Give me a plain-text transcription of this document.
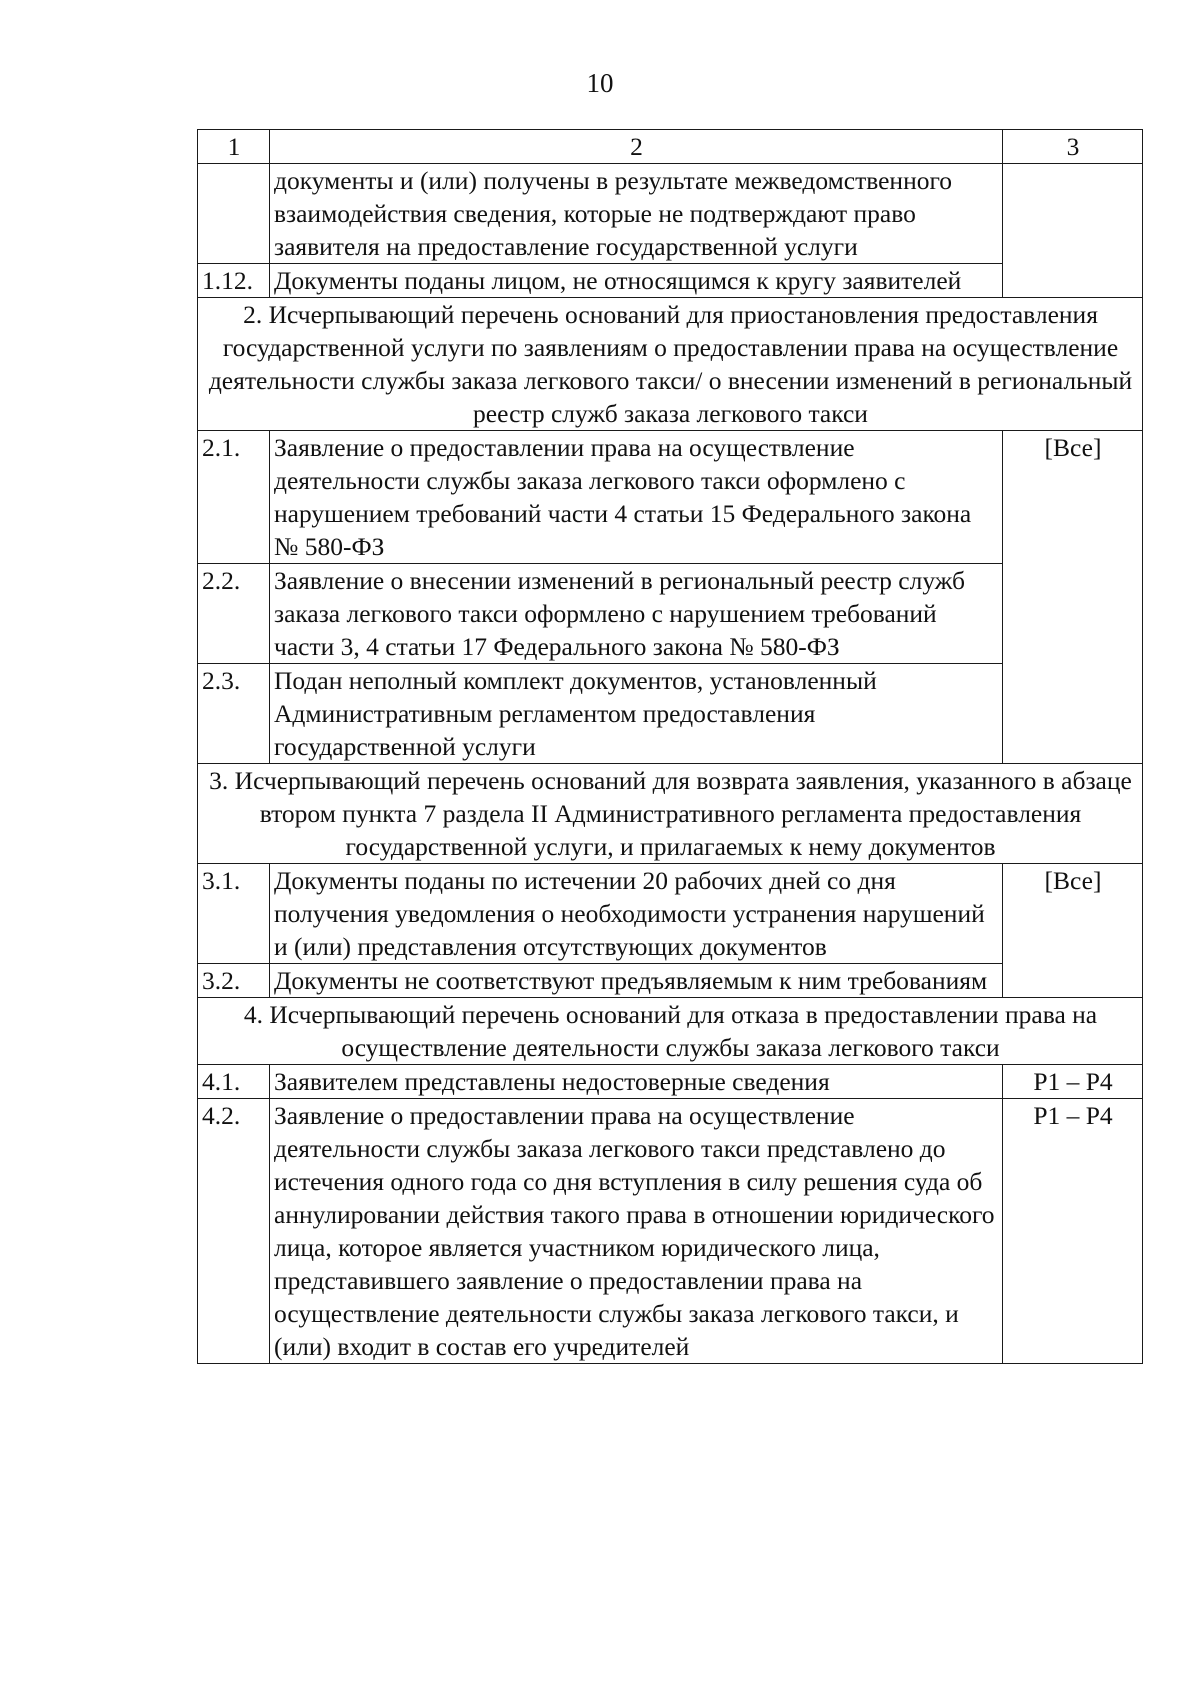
10
1	2	3
	документы и (или) получены в результате межведомственного взаимодействия сведения, которые не подтверждают право заявителя на предоставление государственной услуги	
1.12.	Документы поданы лицом, не относящимся к кругу заявителей	
2. Исчерпывающий перечень оснований для приостановления предоставления государственной услуги по заявлениям о предоставлении права на осуществление деятельности службы заказа легкового такси/ о внесении изменений в региональный реестр служб заказа легкового такси		
2.1.	Заявление о предоставлении права на осуществление деятельности службы заказа легкового такси оформлено с нарушением требований части 4 статьи 15 Федерального закона № 580-ФЗ	[Все]
2.2.	Заявление о внесении изменений в региональный реестр служб заказа легкового такси оформлено с нарушением требований части 3, 4 статьи 17 Федерального закона № 580-ФЗ	
2.3.	Подан неполный комплект документов, установленный Административным регламентом предоставления государственной услуги	
3. Исчерпывающий перечень оснований для возврата заявления, указанного в абзаце втором пункта 7 раздела II Административного регламента предоставления государственной услуги, и прилагаемых к нему документов		
3.1.	Документы поданы по истечении 20 рабочих дней со дня получения уведомления о необходимости устранения нарушений и (или) представления отсутствующих документов	[Все]
3.2.	Документы не соответствуют предъявляемым к ним требованиям	
4. Исчерпывающий перечень оснований для отказа в предоставлении права на осуществление деятельности службы заказа легкового такси		
4.1.	Заявителем представлены недостоверные сведения	Р1 – Р4
4.2.	Заявление о предоставлении права на осуществление деятельности службы заказа легкового такси представлено до истечения одного года со дня вступления в силу решения суда об аннулировании действия такого права в отношении юридического лица, которое является участником юридического лица, представившего заявление о предоставлении права на осуществление деятельности службы заказа легкового такси, и (или) входит в состав его учредителей	Р1 – Р4
